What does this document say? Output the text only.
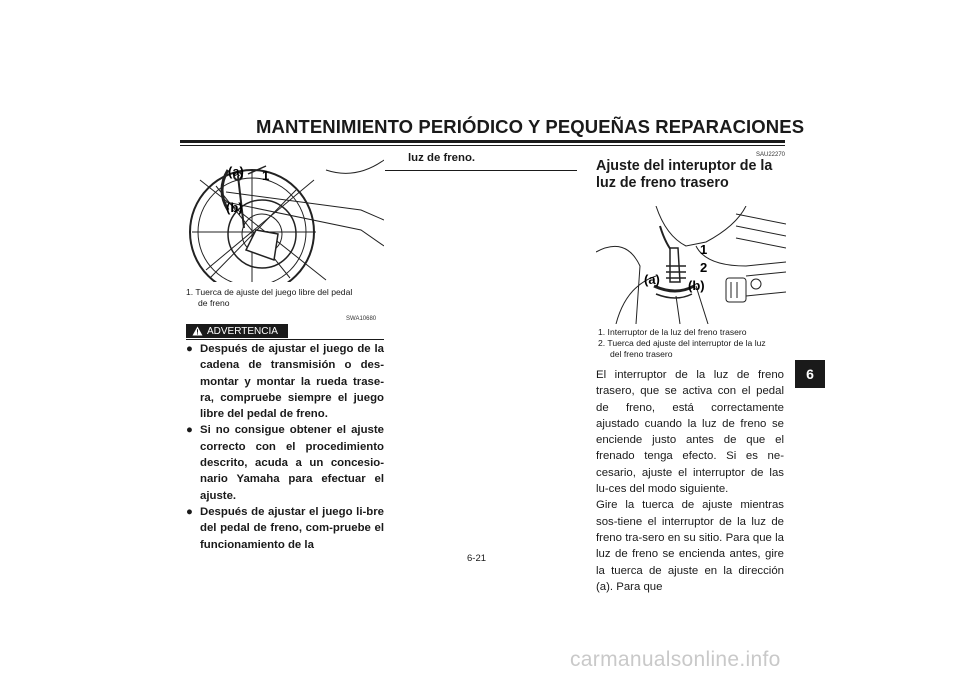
MANTENIMIENTO PERIÓDICO Y PEQUEÑAS REPARACIONES
6
(a)
(b)
1
1. Tuerca de ajuste del juego libre del pedal
de freno
SWA10680
ADVERTENCIA
● Después de ajustar el juego de la cadena de transmisión o des-montar y montar la rueda trase-ra, compruebe siempre el juego libre del pedal de freno.
● Si no consigue obtener el ajuste correcto con el procedimiento descrito, acuda a un concesio-nario Yamaha para efectuar el ajuste.
● Después de ajustar el juego li-bre del pedal de freno, com-pruebe el funcionamiento de la
luz de freno.	SAU22270
Ajuste del interuptor de la luz de freno trasero
1
2
(a) (b)
1. Interruptor de la luz del freno trasero
2. Tuerca ded ajuste del interruptor de la luz
del freno trasero

El interruptor de la luz de freno trasero, que se activa con el pedal de freno, está correctamente ajustado cuando la luz de freno se enciende justo antes de que el frenado tenga efecto. Si es ne-cesario, ajuste el interruptor de las lu-ces del modo siguiente.

Gire la tuerca de ajuste mientras sos-tiene el interruptor de la luz de freno tra-sero en su sitio. Para que la luz de freno se encienda antes, gire la tuerca de ajuste en la dirección (a). Para que

6-21
carmanualsonline.info
